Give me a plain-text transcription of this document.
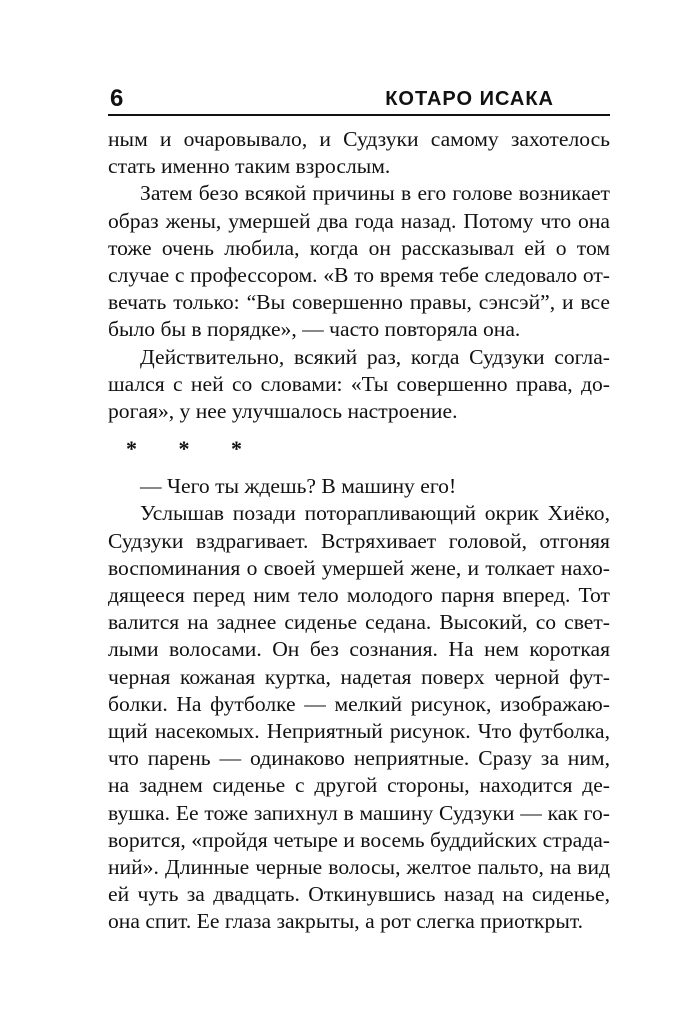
6	КОТАРО ИСАКА

ным и очаровывало, и Судзуки самому захотелось
стать именно таким взрослым.

Затем безо всякой причины в его голове возникает
образ жены, умершей два года назад. Потому что она
тоже очень любила, когда он рассказывал ей о том
случае с профессором. «В то время тебе следовало от-
вечать только: “Вы совершенно правы, сэнсэй”, и все
было бы в порядке», — часто повторяла она.

Действительно, всякий раз, когда Судзуки согла-
шался с ней со словами: «Ты совершенно права, до-
рогая», у нее улучшалось настроение.

* * *

— Чего ты ждешь? В машину его!

Услышав позади поторапливающий окрик Хиёко,
Судзуки вздрагивает. Встряхивает головой, отгоняя
воспоминания о своей умершей жене, и толкает нахо-
дящееся перед ним тело молодого парня вперед. Тот
валится на заднее сиденье седана. Высокий, со свет-
лыми волосами. Он без сознания. На нем короткая
черная кожаная куртка, надетая поверх черной фут-
болки. На футболке — мелкий рисунок, изображаю-
щий насекомых. Неприятный рисунок. Что футболка,
что парень — одинаково неприятные. Сразу за ним,
на заднем сиденье с другой стороны, находится де-
вушка. Ее тоже запихнул в машину Судзуки — как го-
ворится, «пройдя четыре и восемь буддийских страда-
ний». Длинные черные волосы, желтое пальто, на вид
ей чуть за двадцать. Откинувшись назад на сиденье,
она спит. Ее глаза закрыты, а рот слегка приоткрыт.
